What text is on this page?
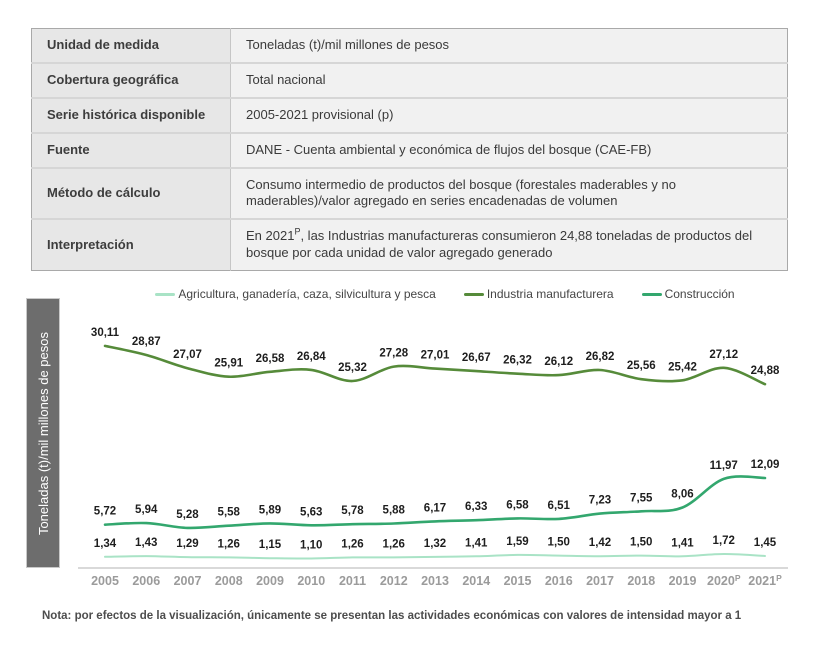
Unidad de medida	Toneladas (t)/mil millones de pesos
Cobertura geográfica	Total nacional
Serie histórica disponible	2005-2021 provisional (p)
Fuente	DANE - Cuenta ambiental y económica de flujos del bosque (CAE-FB)
Método de cálculo	Consumo intermedio de productos del bosque (forestales maderables y no maderables)/valor agregado en series encadenadas de volumen
Interpretación	En $2021^P$, las Industrias manufactureras consumieron 24,88 toneladas de productos del bosque por cada unidad de valor agregado generado
Agricultura, ganadería, caza, silvicultura y pesca	Industria manufacturera	Construcción
Toneladas (t)/mil millones de pesos
2005 2006 2007 2008 2009 2010 2011 2012 2013 2014 2015 2016 2017 2018 2019 $2020^P$ $2021^P$
1,34 1,43 1,29 1,26 1,15 1,10 1,26 1,26 1,32 1,41 1,59 1,50 1,42 1,50 1,41 1,72 1,45
30,11
28,87
27,07
25,91 26,58 26,84
25,32
27,28 27,01 26,67 26,32 26,12 26,82
25,56 25,42
27,12
24,88
5,72 5,94 5,28 5,58 5,89 5,63 5,78 5,88 6,17 6,33 6,58 6,51 7,23 7,55 8,06
11,97 12,09
Nota: por efectos de la visualización, únicamente se presentan las actividades económicas con valores de intensidad mayor a 1
